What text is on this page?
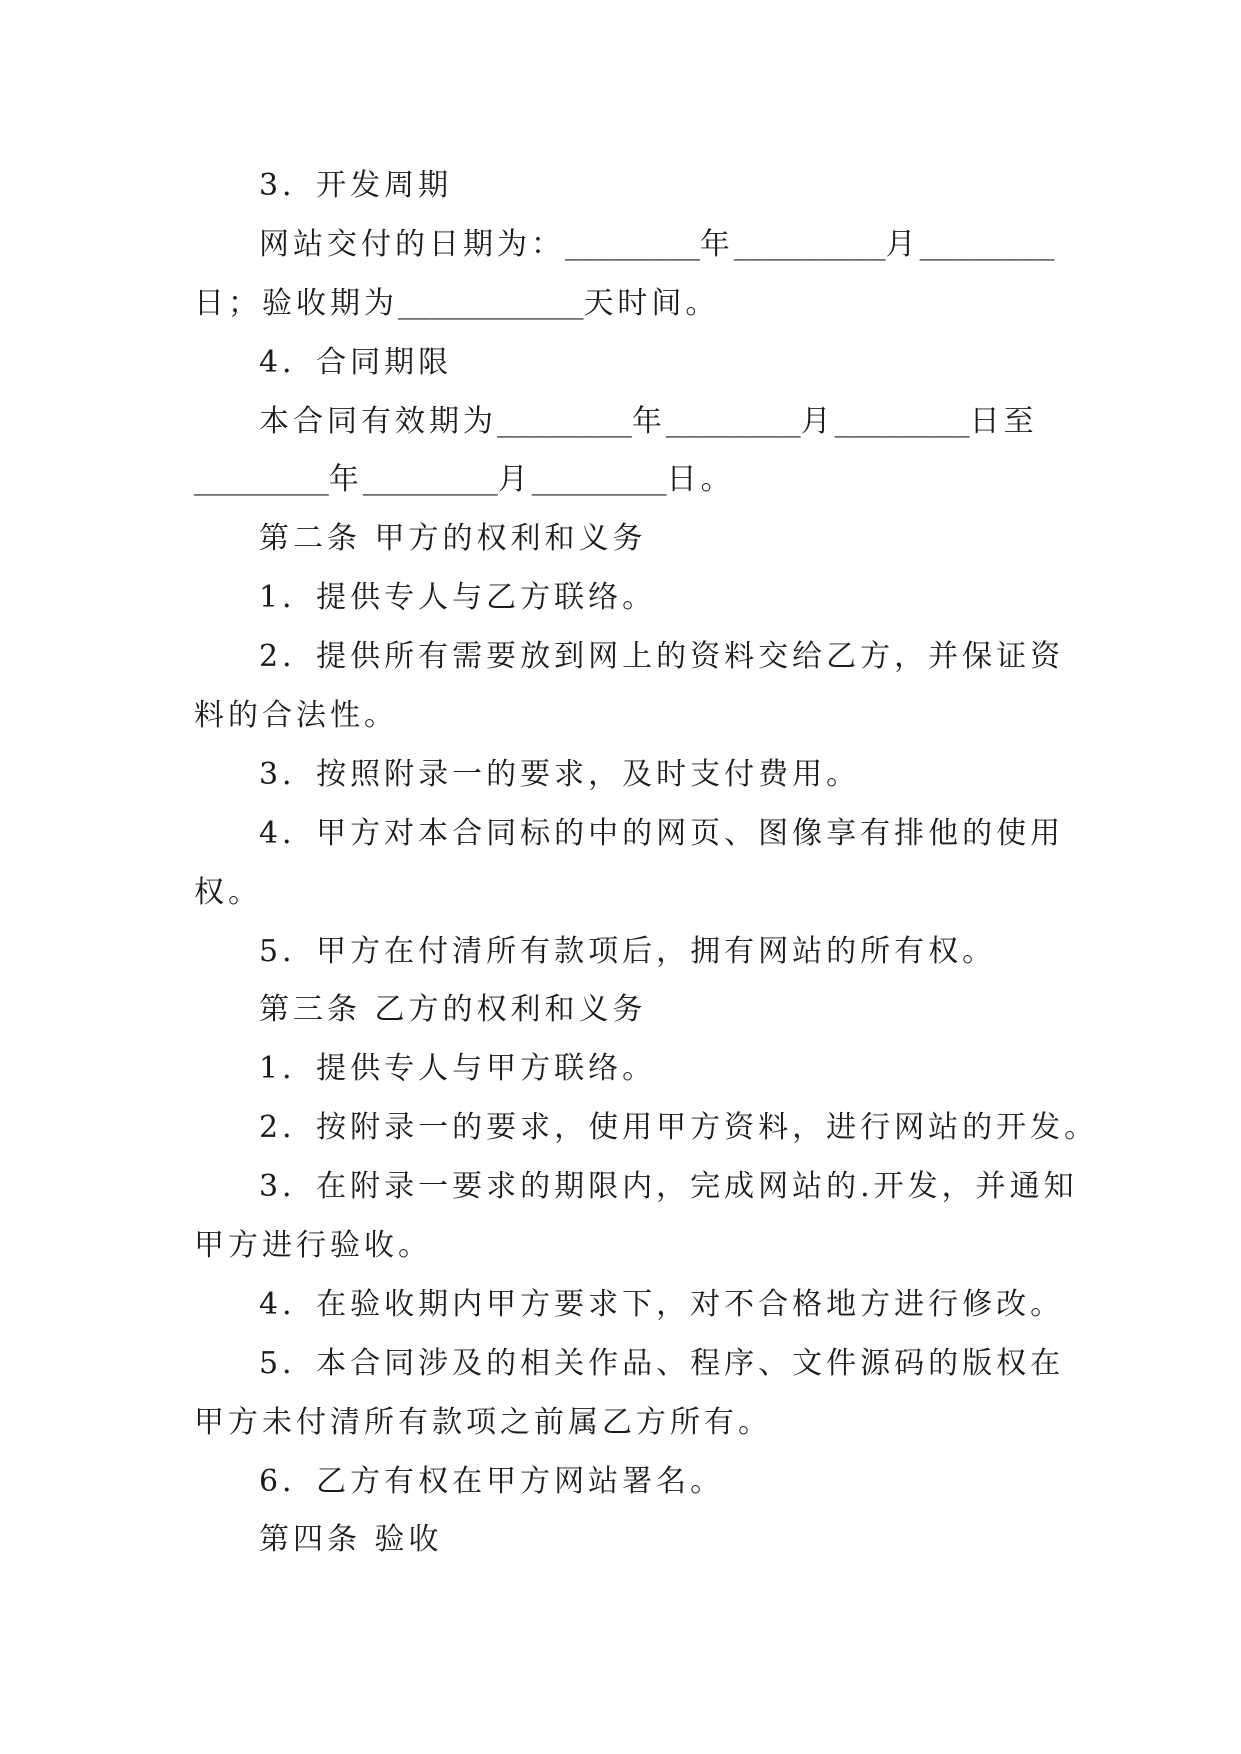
3．开发周期
网站交付的日期为：________年_________月________
日；验收期为___________天时间。
4．合同期限
本合同有效期为________年________月________日至
________年________月________日。
第二条 甲方的权利和义务
1．提供专人与乙方联络。
2．提供所有需要放到网上的资料交给乙方，并保证资
料的合法性。
3．按照附录一的要求，及时支付费用。
4．甲方对本合同标的中的网页、图像享有排他的使用
权。
5．甲方在付清所有款项后，拥有网站的所有权。
第三条 乙方的权利和义务
1．提供专人与甲方联络。
2．按附录一的要求，使用甲方资料，进行网站的开发。
3．在附录一要求的期限内，完成网站的.开发，并通知
甲方进行验收。
4．在验收期内甲方要求下，对不合格地方进行修改。
5．本合同涉及的相关作品、程序、文件源码的版权在
甲方未付清所有款项之前属乙方所有。
6．乙方有权在甲方网站署名。
第四条 验收
